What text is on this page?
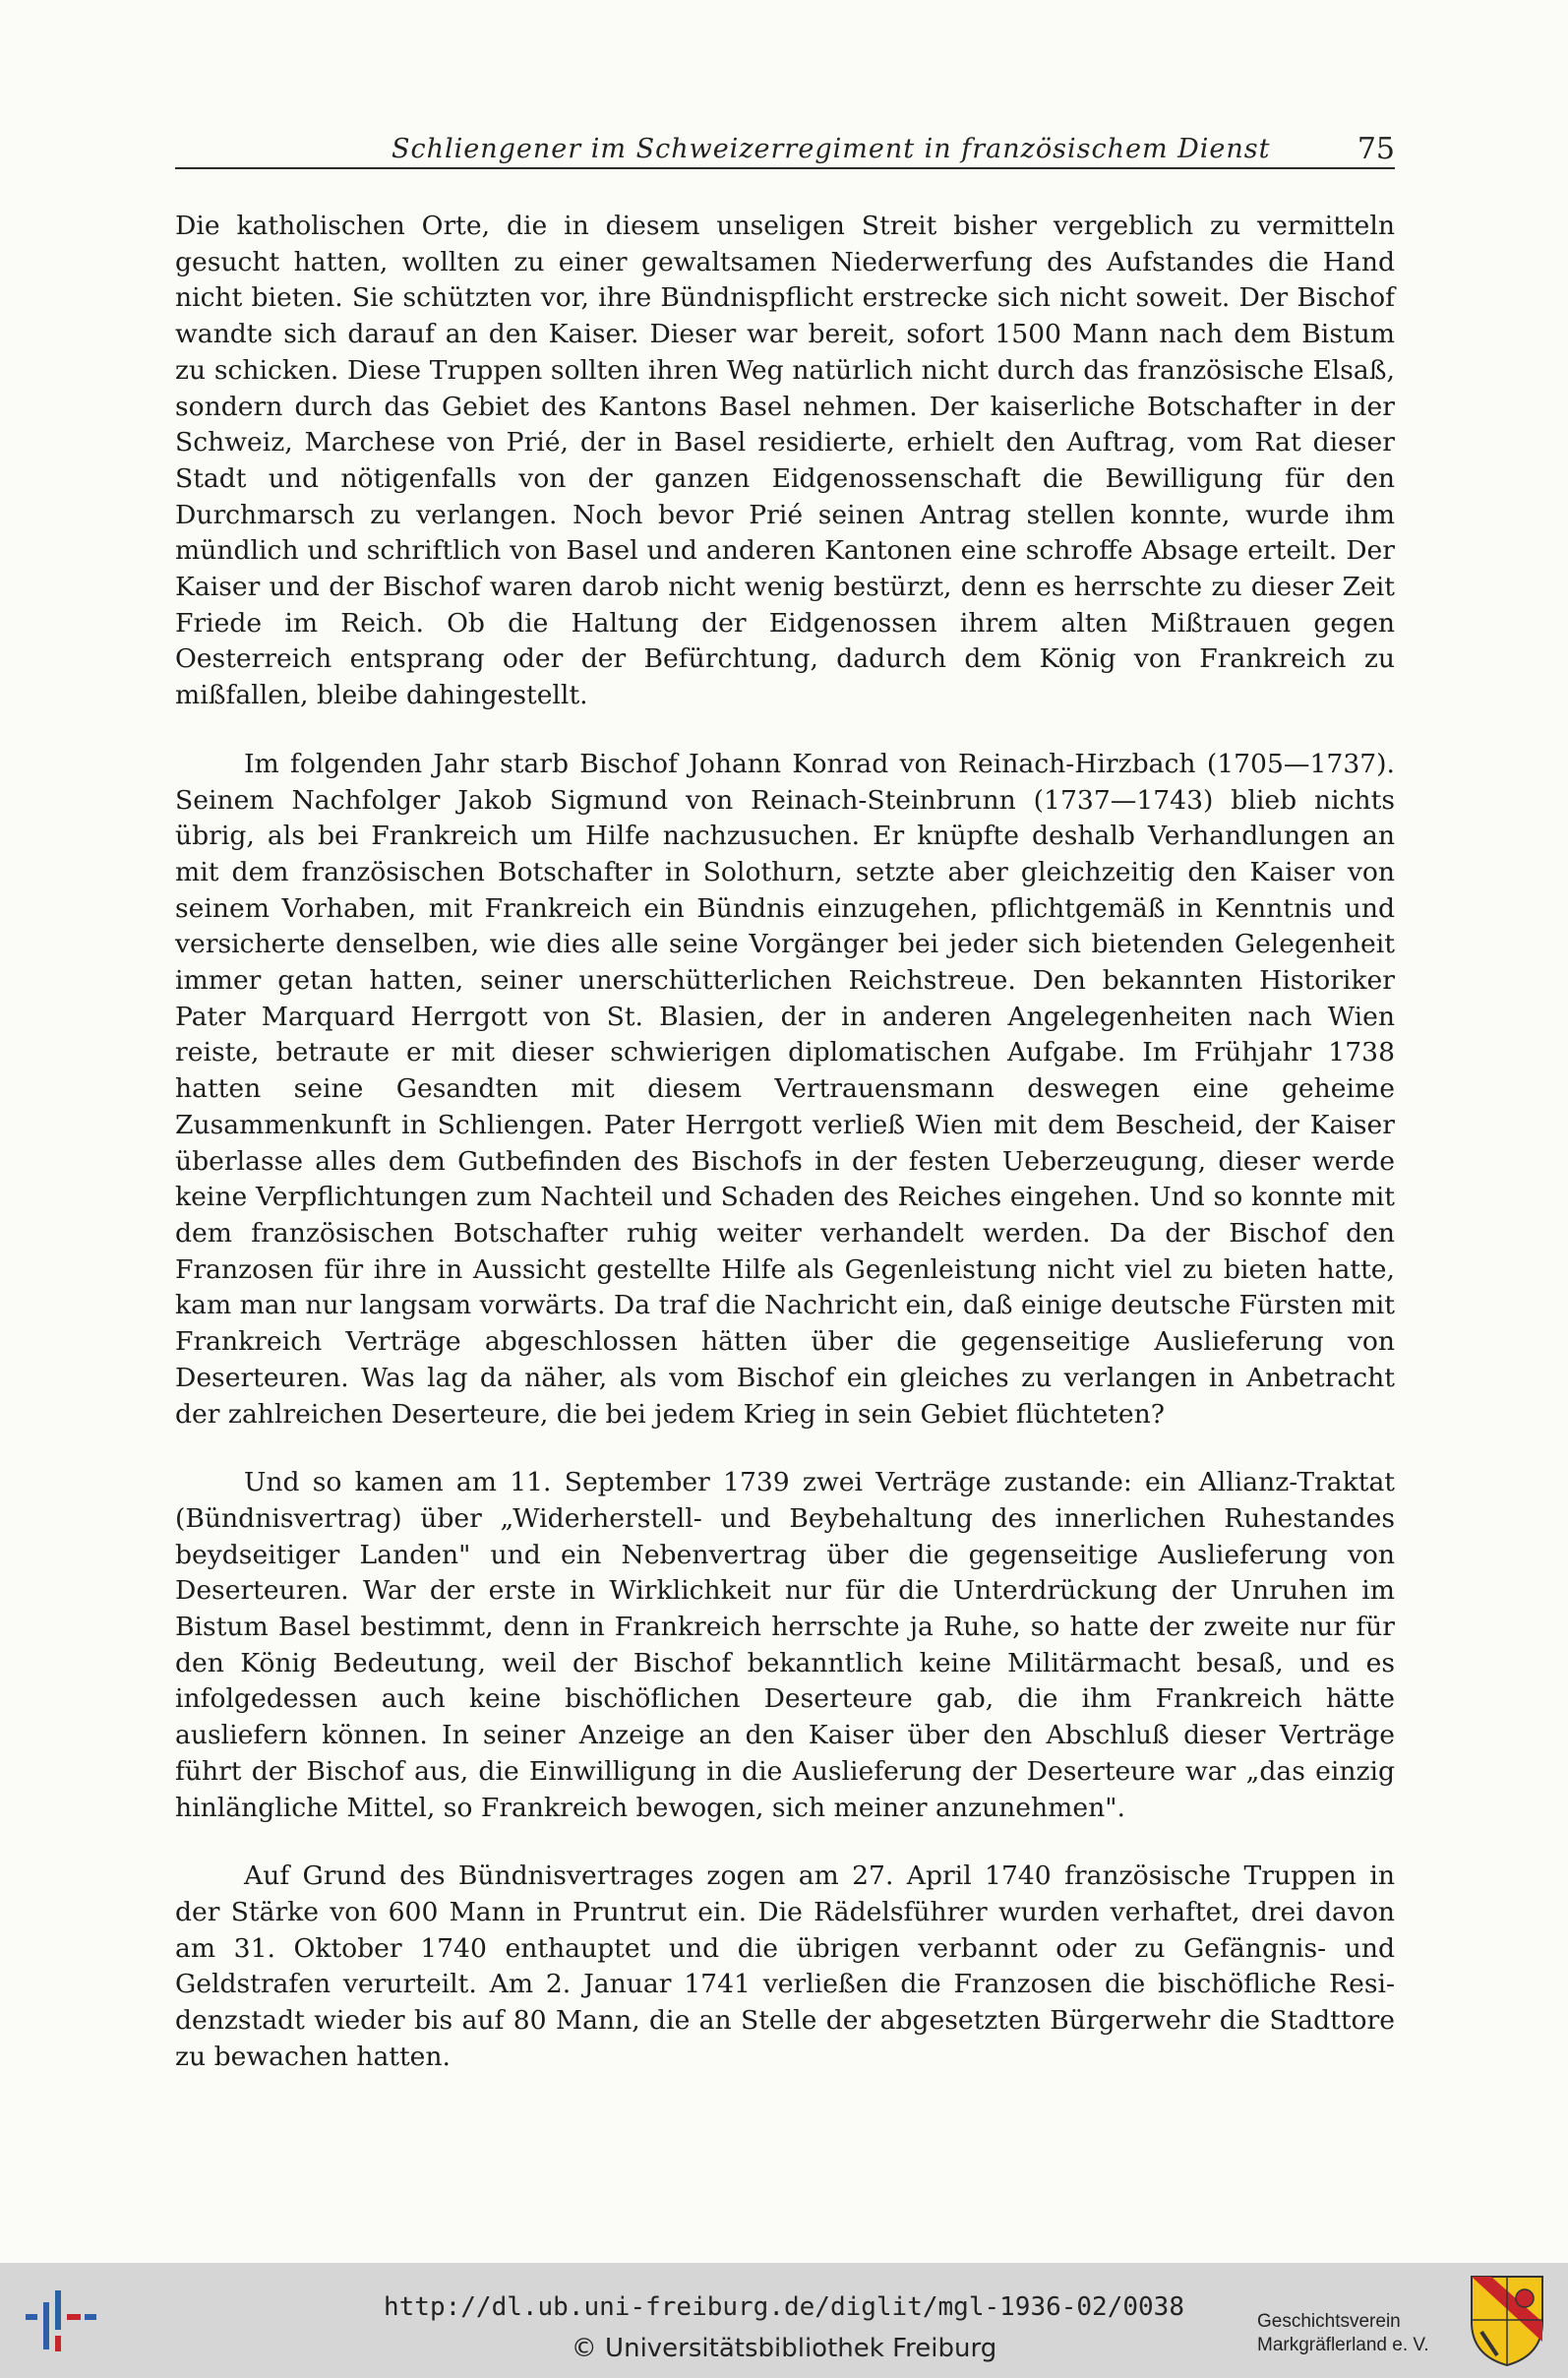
Schliengener im Schweizerregiment in französischem Dienst	75

Die katholischen Orte, die in diesem unseligen Streit bisher vergeblich zu vermitteln gesucht hatten, wollten zu einer gewaltsamen Niederwerfung des Aufstandes die Hand nicht bieten. Sie schützten vor, ihre Bündnispflicht erstrecke sich nicht soweit. Der Bischof wandte sich darauf an den Kaiser. Dieser war bereit, sofort 1500 Mann nach dem Bistum zu schicken. Diese Truppen sollten ihren Weg natürlich nicht durch das französische Elsaß, sondern durch das Gebiet des Kantons Basel nehmen. Der kaiserliche Botschafter in der Schweiz, Marchese von Prié, der in Basel residierte, erhielt den Auftrag, vom Rat dieser Stadt und nötigenfalls von der ganzen Eidgenossenschaft die Bewilligung für den Durchmarsch zu verlangen. Noch bevor Prié seinen Antrag stellen konnte, wurde ihm mündlich und schriftlich von Basel und anderen Kantonen eine schroffe Absage erteilt. Der Kaiser und der Bischof waren darob nicht wenig bestürzt, denn es herrschte zu dieser Zeit Friede im Reich. Ob die Haltung der Eidgenossen ihrem alten Mißtrauen gegen Oesterreich entsprang oder der Befürchtung, dadurch dem König von Frankreich zu mißfallen, bleibe dahingestellt.

Im folgenden Jahr starb Bischof Johann Konrad von Reinach-Hirzbach (1705—1737). Seinem Nachfolger Jakob Sigmund von Reinach-Steinbrunn (1737—1743) blieb nichts übrig, als bei Frankreich um Hilfe nachzusuchen. Er knüpfte deshalb Verhandlungen an mit dem französischen Botschafter in Solothurn, setzte aber gleichzeitig den Kaiser von seinem Vorhaben, mit Frankreich ein Bündnis einzugehen, pflichtgemäß in Kenntnis und versicherte denselben, wie dies alle seine Vorgänger bei jeder sich bietenden Gelegenheit immer getan hatten, seiner unerschütterlichen Reichstreue. Den bekannten Historiker Pater Marquard Herrgott von St. Blasien, der in anderen Angelegenheiten nach Wien reiste, betraute er mit dieser schwierigen diplomatischen Aufgabe. Im Frühjahr 1738 hatten seine Gesandten mit diesem Vertrauensmann deswegen eine geheime Zusammenkunft in Schliengen. Pater Herrgott verließ Wien mit dem Bescheid, der Kaiser überlasse alles dem Gutbefinden des Bischofs in der festen Ueberzeugung, dieser werde keine Verpflichtungen zum Nachteil und Schaden des Reiches eingehen. Und so konnte mit dem französischen Botschafter ruhig weiter verhandelt werden. Da der Bischof den Franzosen für ihre in Aussicht gestellte Hilfe als Gegenleistung nicht viel zu bieten hatte, kam man nur langsam vorwärts. Da traf die Nachricht ein, daß einige deutsche Fürsten mit Frankreich Verträge abgeschlossen hätten über die gegenseitige Auslieferung von Deserteuren. Was lag da näher, als vom Bischof ein gleiches zu verlangen in Anbetracht der zahlreichen Deserteure, die bei jedem Krieg in sein Gebiet flüchteten?

Und so kamen am 11. September 1739 zwei Verträge zustande: ein Allianz-Traktat (Bündnisvertrag) über „Widerherstell- und Beybehaltung des innerlichen Ruhestandes beydseitiger Landen" und ein Nebenvertrag über die gegenseitige Auslieferung von Deserteuren. War der erste in Wirklichkeit nur für die Unterdrückung der Unruhen im Bistum Basel bestimmt, denn in Frankreich herrschte ja Ruhe, so hatte der zweite nur für den König Bedeutung, weil der Bischof bekanntlich keine Militärmacht besaß, und es infolgedessen auch keine bischöflichen Deserteure gab, die ihm Frankreich hätte ausliefern können. In seiner Anzeige an den Kaiser über den Abschluß dieser Verträge führt der Bischof aus, die Einwilligung in die Auslieferung der Deserteure war „das einzig hinlängliche Mittel, so Frankreich bewogen, sich meiner anzunehmen".

Auf Grund des Bündnisvertrages zogen am 27. April 1740 französische Truppen in der Stärke von 600 Mann in Pruntrut ein. Die Rädelsführer wurden verhaftet, drei davon am 31. Oktober 1740 enthauptet und die übrigen verbannt oder zu Gefängnis- und Geldstrafen verurteilt. Am 2. Januar 1741 verließen die Franzosen die bischöfliche Residenzstadt wieder bis auf 80 Mann, die an Stelle der abgesetzten Bürgerwehr die Stadttore zu bewachen hatten.

http://dl.ub.uni-freiburg.de/diglit/mgl-1936-02/0038
© Universitätsbibliothek Freiburg
Geschichtsverein
Markgräflerland e. V.
